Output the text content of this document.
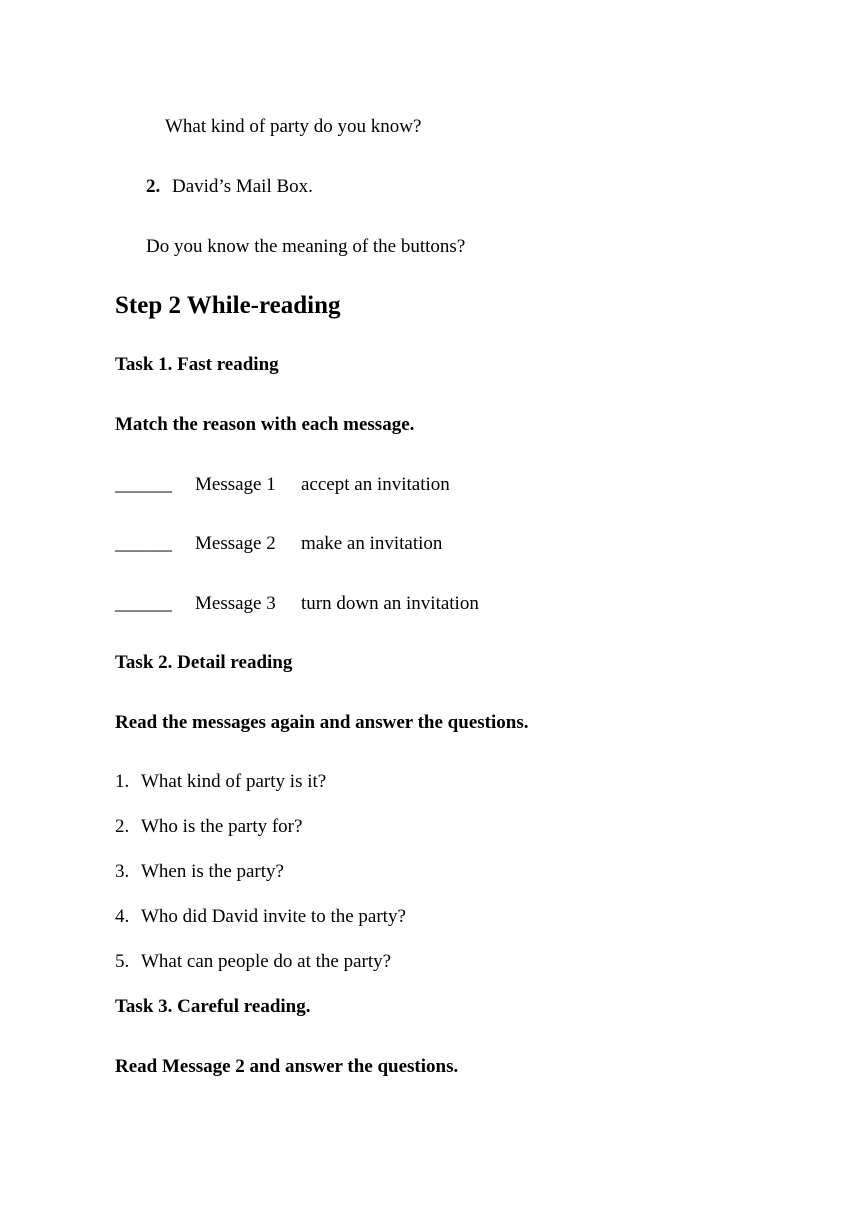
What kind of party do you know?
2. David’s Mail Box.
Do you know the meaning of the buttons?
Step 2 While-reading
Task 1. Fast reading
Match the reason with each message.
______ Message 1 accept an invitation
______ Message 2 make an invitation
______ Message 3 turn down an invitation
Task 2. Detail reading
Read the messages again and answer the questions.
1. What kind of party is it?
2. Who is the party for?
3. When is the party?
4. Who did David invite to the party?
5. What can people do at the party?
Task 3. Careful reading.
Read Message 2 and answer the questions.
